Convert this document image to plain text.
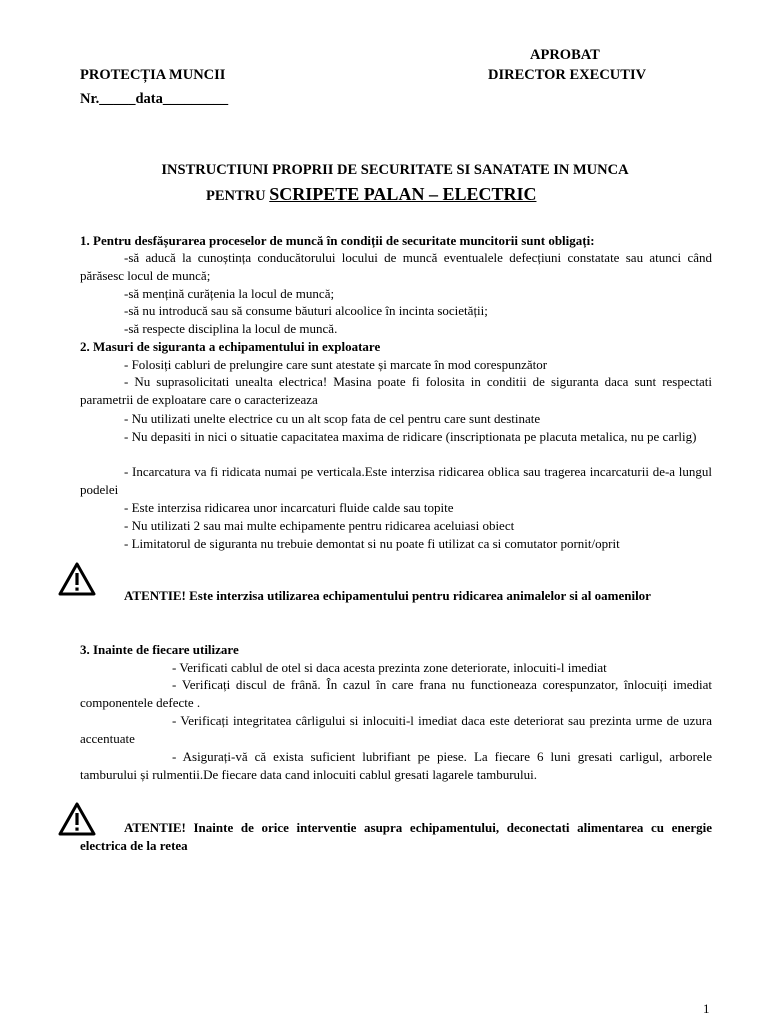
APROBAT
PROTECȚIA MUNCII	DIRECTOR EXECUTIV
Nr._____data_________
INSTRUCTIUNI PROPRII DE SECURITATE SI SANATATE IN MUNCA
PENTRU SCRIPETE PALAN – ELECTRIC
1. Pentru desfășurarea proceselor de muncă în condiții de securitate muncitorii sunt obligați:
-să aducă la cunoștința conducătorului locului de muncă eventualele defecțiuni constatate sau atunci când părăsesc locul de muncă;
-să mențină curățenia la locul de muncă;
-să nu introducă sau să consume băuturi alcoolice în incinta societății;
-să respecte disciplina la locul de muncă.
2. Masuri de siguranta a echipamentului in exploatare
- Folosiți cabluri de prelungire care sunt atestate și marcate în mod corespunzător
- Nu suprasolicitati unealta electrica! Masina poate fi folosita in conditii de siguranta daca sunt respectati parametrii de exploatare care o caracterizeaza
- Nu utilizati unelte electrice cu un alt scop fata de cel pentru care sunt destinate
- Nu depasiti in nici o situatie capacitatea maxima de ridicare (inscriptionata pe placuta metalica, nu pe carlig)
- Incarcatura va fi ridicata numai pe verticala.Este interzisa ridicarea oblica sau tragerea incarcaturii de-a lungul podelei
- Este interzisa ridicarea unor incarcaturi fluide calde sau topite
- Nu utilizati 2 sau mai multe echipamente pentru ridicarea aceluiasi obiect
- Limitatorul de siguranta nu trebuie demontat si nu poate fi utilizat ca si comutator pornit/oprit
ATENTIE! Este interzisa utilizarea echipamentului pentru ridicarea animalelor si al oamenilor
3. Inainte de fiecare utilizare
- Verificati cablul de otel si daca acesta prezinta zone deteriorate, inlocuiti-l imediat
- Verificați discul de frână. În cazul în care frana nu functioneaza corespunzator, înlocuiți imediat componentele defecte .
- Verificați integritatea cârligului si inlocuiti-l imediat daca este deteriorat sau prezinta urme de uzura accentuate
- Asigurați-vă că exista suficient lubrifiant pe piese. La fiecare 6 luni gresati carligul, arborele tamburului și rulmentii.De fiecare data cand inlocuiti cablul gresati lagarele tamburului.
ATENTIE! Inainte de orice interventie asupra echipamentului, deconectati alimentarea cu energie electrica de la retea
1
